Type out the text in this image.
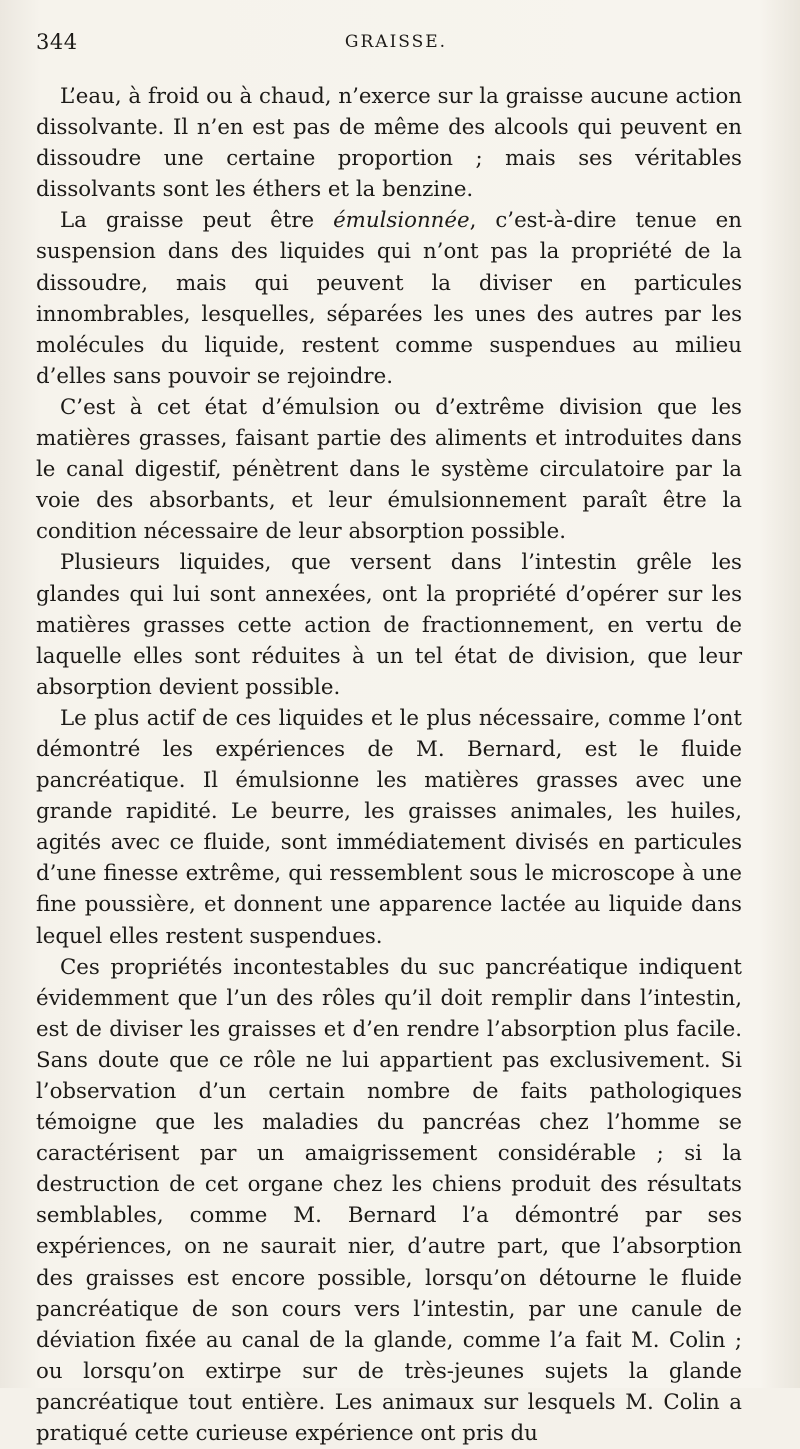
344	GRAISSE.

L’eau, à froid ou à chaud, n’exerce sur la graisse aucune action dissolvante. Il n’en est pas de même des alcools qui peuvent en dissoudre une certaine proportion ; mais ses véritables dissolvants sont les éthers et la benzine.

La graisse peut être émulsionnée, c’est-à-dire tenue en suspension dans des liquides qui n’ont pas la propriété de la dissoudre, mais qui peuvent la diviser en particules innombrables, lesquelles, séparées les unes des autres par les molécules du liquide, restent comme suspendues au milieu d’elles sans pouvoir se rejoindre.

C’est à cet état d’émulsion ou d’extrême division que les matières grasses, faisant partie des aliments et introduites dans le canal digestif, pénètrent dans le système circulatoire par la voie des absorbants, et leur émulsionnement paraît être la condition nécessaire de leur absorption possible.

Plusieurs liquides, que versent dans l’intestin grêle les glandes qui lui sont annexées, ont la propriété d’opérer sur les matières grasses cette action de fractionnement, en vertu de laquelle elles sont réduites à un tel état de division, que leur absorption devient possible.

Le plus actif de ces liquides et le plus nécessaire, comme l’ont démontré les expériences de M. Bernard, est le fluide pancréatique. Il émulsionne les matières grasses avec une grande rapidité. Le beurre, les graisses animales, les huiles, agités avec ce fluide, sont immédiatement divisés en particules d’une finesse extrême, qui ressemblent sous le microscope à une fine poussière, et donnent une apparence lactée au liquide dans lequel elles restent suspendues.

Ces propriétés incontestables du suc pancréatique indiquent évidemment que l’un des rôles qu’il doit remplir dans l’intestin, est de diviser les graisses et d’en rendre l’absorption plus facile. Sans doute que ce rôle ne lui appartient pas exclusivement. Si l’observation d’un certain nombre de faits pathologiques témoigne que les maladies du pancréas chez l’homme se caractérisent par un amaigrissement considérable ; si la destruction de cet organe chez les chiens produit des résultats semblables, comme M. Bernard l’a démontré par ses expériences, on ne saurait nier, d’autre part, que l’absorption des graisses est encore possible, lorsqu’on détourne le fluide pancréatique de son cours vers l’intestin, par une canule de déviation fixée au canal de la glande, comme l’a fait M. Colin ; ou lorsqu’on extirpe sur de très-jeunes sujets la glande pancréatique tout entière. Les animaux sur lesquels M. Colin a pratiqué cette curieuse expérience ont pris du
